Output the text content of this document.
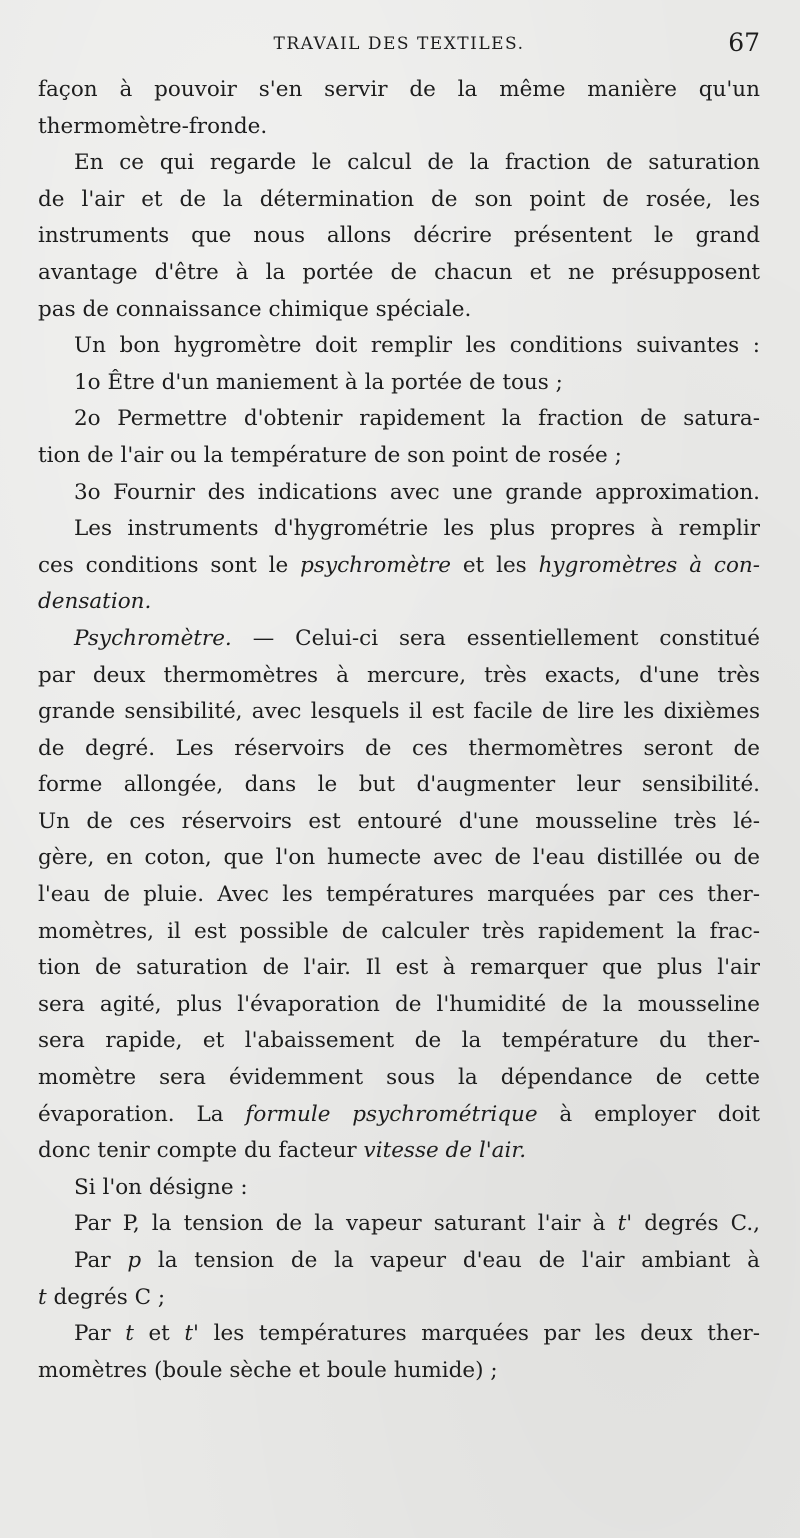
TRAVAIL DES TEXTILES.	67
façon à pouvoir s'en servir de la même manière qu'un
thermomètre-fronde.
En ce qui regarde le calcul de la fraction de saturation
de l'air et de la détermination de son point de rosée, les
instruments que nous allons décrire présentent le grand
avantage d'être à la portée de chacun et ne présupposent
pas de connaissance chimique spéciale.
Un bon hygromètre doit remplir les conditions suivantes :
1o Être d'un maniement à la portée de tous ;
2o Permettre d'obtenir rapidement la fraction de satura-
tion de l'air ou la température de son point de rosée ;
3o Fournir des indications avec une grande approximation.
Les instruments d'hygrométrie les plus propres à remplir
ces conditions sont le psychromètre et les hygromètres à con-
densation.
Psychromètre. — Celui-ci sera essentiellement constitué
par deux thermomètres à mercure, très exacts, d'une très
grande sensibilité, avec lesquels il est facile de lire les dixièmes
de degré. Les réservoirs de ces thermomètres seront de
forme allongée, dans le but d'augmenter leur sensibilité.
Un de ces réservoirs est entouré d'une mousseline très lé-
gère, en coton, que l'on humecte avec de l'eau distillée ou de
l'eau de pluie. Avec les températures marquées par ces ther-
momètres, il est possible de calculer très rapidement la frac-
tion de saturation de l'air. Il est à remarquer que plus l'air
sera agité, plus l'évaporation de l'humidité de la mousseline
sera rapide, et l'abaissement de la température du ther-
momètre sera évidemment sous la dépendance de cette
évaporation. La formule psychrométrique à employer doit
donc tenir compte du facteur vitesse de l'air.
Si l'on désigne :
Par P, la tension de la vapeur saturant l'air à t' degrés C.,
Par p la tension de la vapeur d'eau de l'air ambiant à
t degrés C ;
Par t et t' les températures marquées par les deux ther-
momètres (boule sèche et boule humide) ;
